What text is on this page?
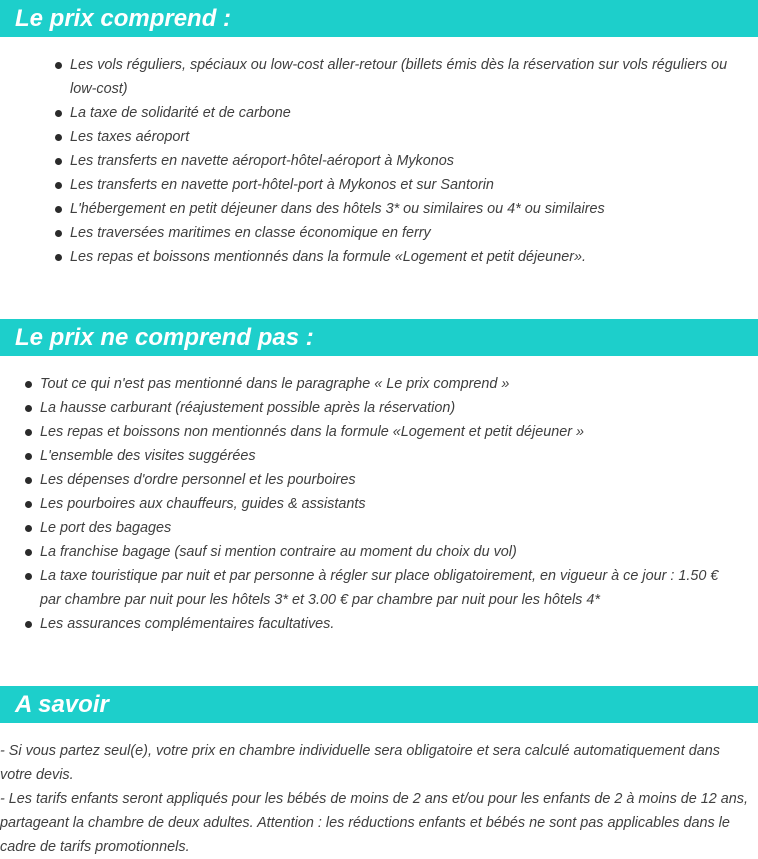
Le prix comprend :
Les vols réguliers, spéciaux ou low-cost aller-retour (billets émis dès la réservation sur vols réguliers ou low-cost)
La taxe de solidarité et de carbone
Les taxes aéroport
Les transferts en navette aéroport-hôtel-aéroport à Mykonos
Les transferts en navette port-hôtel-port à Mykonos et sur Santorin
L'hébergement en petit déjeuner dans des hôtels 3* ou similaires ou 4* ou similaires
Les traversées maritimes en classe économique en ferry
Les repas et boissons mentionnés dans la formule «Logement et petit déjeuner».
Le prix ne comprend pas :
Tout ce qui n'est pas mentionné dans le paragraphe « Le prix comprend »
La hausse carburant (réajustement possible après la réservation)
Les repas et boissons non mentionnés dans la formule «Logement et petit déjeuner »
L'ensemble des visites suggérées
Les dépenses d'ordre personnel et les pourboires
Les pourboires aux chauffeurs, guides & assistants
Le port des bagages
La franchise bagage (sauf si mention contraire au moment du choix du vol)
La taxe touristique par nuit et par personne à régler sur place obligatoirement, en vigueur à ce jour : 1.50 € par chambre par nuit pour les hôtels 3* et 3.00 € par chambre par nuit pour les hôtels 4*
Les assurances complémentaires facultatives.
A savoir

- Si vous partez seul(e), votre prix en chambre individuelle sera obligatoire et sera calculé automatiquement dans votre devis.

- Les tarifs enfants seront appliqués pour les bébés de moins de 2 ans et/ou pour les enfants de 2 à moins de 12 ans, partageant la chambre de deux adultes. Attention : les réductions enfants et bébés ne sont pas applicables dans le cadre de tarifs promotionnels.
